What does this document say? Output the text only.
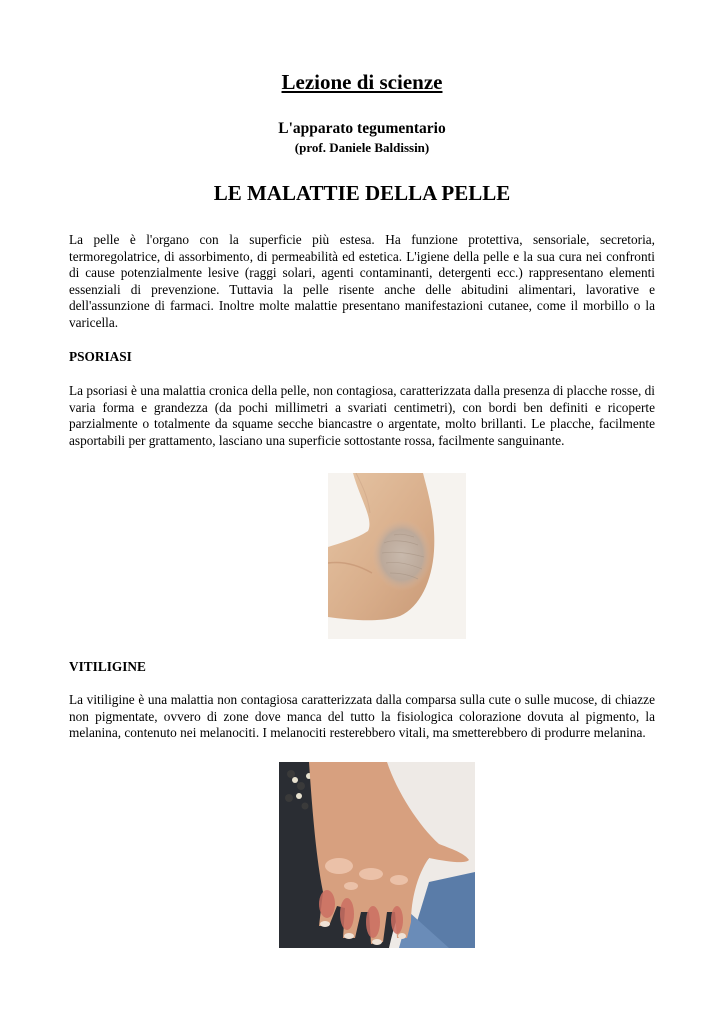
Lezione di scienze
L'apparato tegumentario
(prof. Daniele Baldissin)
LE MALATTIE DELLA PELLE
La pelle è l'organo con la superficie più estesa. Ha funzione protettiva, sensoriale, secretoria, termoregolatrice, di assorbimento, di permeabilità ed estetica. L'igiene della pelle e la sua cura nei confronti di cause potenzialmente lesive (raggi solari, agenti contaminanti, detergenti ecc.) rappresentano elementi essenziali di prevenzione. Tuttavia la pelle risente anche delle abitudini alimentari, lavorative e dell'assunzione di farmaci. Inoltre molte malattie presentano manifestazioni cutanee, come il morbillo o la varicella.
PSORIASI
La psoriasi è una malattia cronica della pelle, non contagiosa, caratterizzata dalla presenza di placche rosse, di varia forma e grandezza (da pochi millimetri a svariati centimetri), con bordi ben definiti e ricoperte parzialmente o totalmente da squame secche biancastre o argentate, molto brillanti. Le placche, facilmente asportabili per grattamento, lasciano una superficie sottostante rossa, facilmente sanguinante.
VITILIGINE
La vitiligine è una malattia non contagiosa caratterizzata dalla comparsa sulla cute o sulle mucose, di chiazze non pigmentate, ovvero di zone dove manca del tutto la fisiologica colorazione dovuta al pigmento, la melanina, contenuto nei melanociti. I melanociti resterebbero vitali, ma smetterebbero di produrre melanina.
